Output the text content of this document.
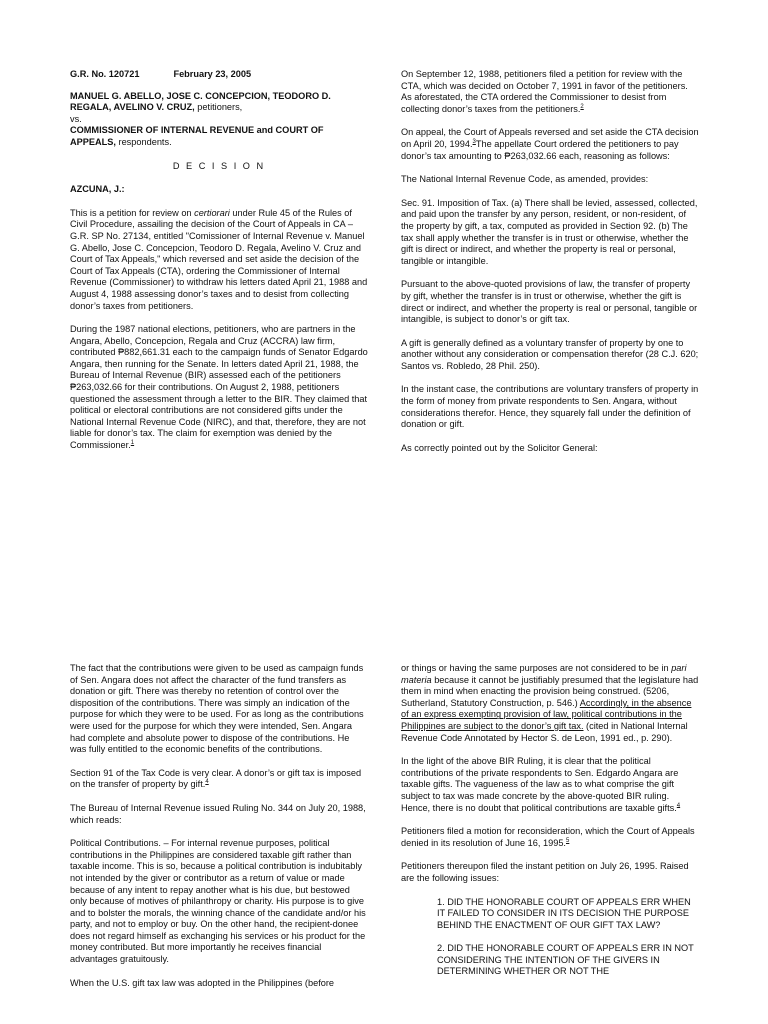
G.R. No. 120721	February 23, 2005

MANUEL G. ABELLO, JOSE C. CONCEPCION, TEODORO D. REGALA, AVELINO V. CRUZ, petitioners,
vs.
COMMISSIONER OF INTERNAL REVENUE and COURT OF APPEALS, respondents.

D E C I S I O N

AZCUNA, J.:

This is a petition for review on certiorari under Rule 45 of the Rules of Civil Procedure, assailing the decision of the Court of Appeals in CA –G.R. SP No. 27134, entitled "Comissioner of Internal Revenue v. Manuel G. Abello, Jose C. Concepcion, Teodoro D. Regala, Avelino V. Cruz and Court of Tax Appeals," which reversed and set aside the decision of the Court of Tax Appeals (CTA), ordering the Commissioner of Internal Revenue (Commissioner) to withdraw his letters dated April 21, 1988 and August 4, 1988 assessing donor’s taxes and to desist from collecting donor’s taxes from petitioners.

During the 1987 national elections, petitioners, who are partners in the Angara, Abello, Concepcion, Regala and Cruz (ACCRA) law firm, contributed ₱882,661.31 each to the campaign funds of Senator Edgardo Angara, then running for the Senate. In letters dated April 21, 1988, the Bureau of Internal Revenue (BIR) assessed each of the petitioners ₱263,032.66 for their contributions. On August 2, 1988, petitioners questioned the assessment through a letter to the BIR. They claimed that political or electoral contributions are not considered gifts under the National Internal Revenue Code (NIRC), and that, therefore, they are not liable for donor’s tax. The claim for exemption was denied by the Commissioner.$^1$

On September 12, 1988, petitioners filed a petition for review with the CTA, which was decided on October 7, 1991 in favor of the petitioners. As aforestated, the CTA ordered the Commissioner to desist from collecting donor’s taxes from the petitioners.$^2$

On appeal, the Court of Appeals reversed and set aside the CTA decision on April 20, 1994.$^3$The appellate Court ordered the petitioners to pay donor’s tax amounting to ₱263,032.66 each, reasoning as follows:

The National Internal Revenue Code, as amended, provides:

Sec. 91. Imposition of Tax. (a) There shall be levied, assessed, collected, and paid upon the transfer by any person, resident, or non-resident, of the property by gift, a tax, computed as provided in Section 92. (b) The tax shall apply whether the transfer is in trust or otherwise, whether the gift is direct or indirect, and whether the property is real or personal, tangible or intangible.

Pursuant to the above-quoted provisions of law, the transfer of property by gift, whether the transfer is in trust or otherwise, whether the gift is direct or indirect, and whether the property is real or personal, tangible or intangible, is subject to donor’s or gift tax.

A gift is generally defined as a voluntary transfer of property by one to another without any consideration or compensation therefor (28 C.J. 620; Santos vs. Robledo, 28 Phil. 250).

In the instant case, the contributions are voluntary transfers of property in the form of money from private respondents to Sen. Angara, without considerations therefor. Hence, they squarely fall under the definition of donation or gift.

As correctly pointed out by the Solicitor General:

The fact that the contributions were given to be used as campaign funds of Sen. Angara does not affect the character of the fund transfers as donation or gift. There was thereby no retention of control over the disposition of the contributions. There was simply an indication of the purpose for which they were to be used. For as long as the contributions were used for the purpose for which they were intended, Sen. Angara had complete and absolute power to dispose of the contributions. He was fully entitled to the economic benefits of the contributions.

Section 91 of the Tax Code is very clear. A donor’s or gift tax is imposed on the transfer of property by gift.$^4$

The Bureau of Internal Revenue issued Ruling No. 344 on July 20, 1988, which reads:

Political Contributions. – For internal revenue purposes, political contributions in the Philippines are considered taxable gift rather than taxable income. This is so, because a political contribution is indubitably not intended by the giver or contributor as a return of value or made because of any intent to repay another what is his due, but bestowed only because of motives of philanthropy or charity. His purpose is to give and to bolster the morals, the winning chance of the candidate and/or his party, and not to employ or buy. On the other hand, the recipient-donee does not regard himself as exchanging his services or his product for the money contributed. But more importantly he receives financial advantages gratuitously.

When the U.S. gift tax law was adopted in the Philippines (before

or things or having the same purposes are not considered to be in pari materia because it cannot be justifiably presumed that the legislature had them in mind when enacting the provision being construed. (5206, Sutherland, Statutory Construction, p. 546.) Accordingly, in the absence of an express exempting provision of law, political contributions in the Philippines are subject to the donor’s gift tax. (cited in National Internal Revenue Code Annotated by Hector S. de Leon, 1991 ed., p. 290).

In the light of the above BIR Ruling, it is clear that the political contributions of the private respondents to Sen. Edgardo Angara are taxable gifts. The vagueness of the law as to what comprise the gift subject to tax was made concrete by the above-quoted BIR ruling. Hence, there is no doubt that political contributions are taxable gifts.$^4$

Petitioners filed a motion for reconsideration, which the Court of Appeals denied in its resolution of June 16, 1995.$^5$

Petitioners thereupon filed the instant petition on July 26, 1995. Raised are the following issues:

1. DID THE HONORABLE COURT OF APPEALS ERR WHEN IT FAILED TO CONSIDER IN ITS DECISION THE PURPOSE BEHIND THE ENACTMENT OF OUR GIFT TAX LAW?

2. DID THE HONORABLE COURT OF APPEALS ERR IN NOT CONSIDERING THE INTENTION OF THE GIVERS IN DETERMINING WHETHER OR NOT THE
